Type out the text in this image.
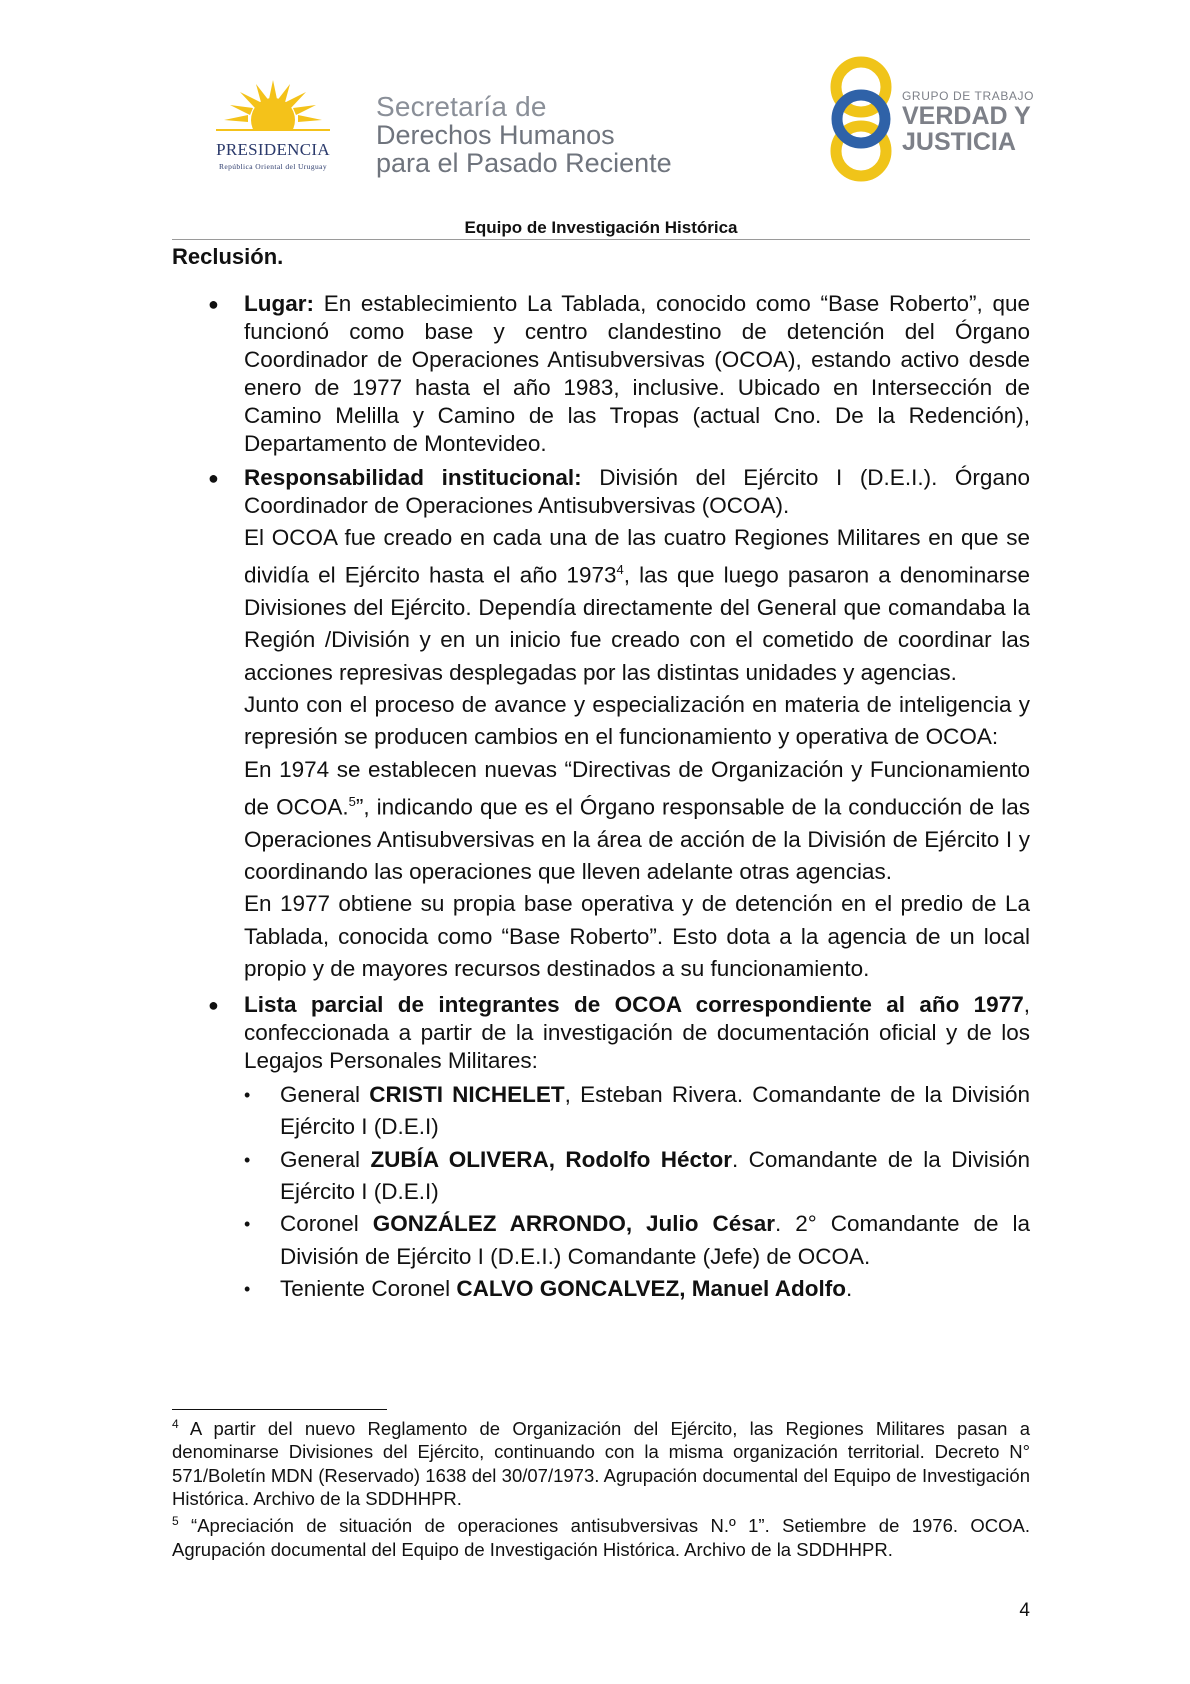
PRESIDENCIA
República Oriental del Uruguay
Secretaría de
Derechos Humanos
para el Pasado Reciente
GRUPO DE TRABAJO
VERDAD Y
JUSTICIA
Equipo de Investigación Histórica
Reclusión.
● Lugar: En establecimiento La Tablada, conocido como “Base Roberto”, que funcionó como base y centro clandestino de detención del Órgano Coordinador de Operaciones Antisubversivas (OCOA), estando activo desde enero de 1977 hasta el año 1983, inclusive. Ubicado en Intersección de Camino Melilla y Camino de las Tropas (actual Cno. De la Redención), Departamento de Montevideo.

● Responsabilidad institucional: División del Ejército I (D.E.I.). Órgano Coordinador de Operaciones Antisubversivas (OCOA).

El OCOA fue creado en cada una de las cuatro Regiones Militares en que se dividía el Ejército hasta el año 1973$^4$, las que luego pasaron a denominarse Divisiones del Ejército. Dependía directamente del General que comandaba la Región /División y en un inicio fue creado con el cometido de coordinar las acciones represivas desplegadas por las distintas unidades y agencias.

Junto con el proceso de avance y especialización en materia de inteligencia y represión se producen cambios en el funcionamiento y operativa de OCOA:

En 1974 se establecen nuevas “Directivas de Organización y Funcionamiento de OCOA.$^5$”, indicando que es el Órgano responsable de la conducción de las Operaciones Antisubversivas en la área de acción de la División de Ejército I y coordinando las operaciones que lleven adelante otras agencias.

En 1977 obtiene su propia base operativa y de detención en el predio de La Tablada, conocida como “Base Roberto”. Esto dota a la agencia de un local propio y de mayores recursos destinados a su funcionamiento.

● Lista parcial de integrantes de OCOA correspondiente al año 1977, confeccionada a partir de la investigación de documentación oficial y de los Legajos Personales Militares:

• General CRISTI NICHELET, Esteban Rivera. Comandante de la División Ejército I (D.E.I)

• General ZUBÍA OLIVERA, Rodolfo Héctor. Comandante de la División Ejército I (D.E.I)

• Coronel GONZÁLEZ ARRONDO, Julio César. 2° Comandante de la División de Ejército I (D.E.I.) Comandante (Jefe) de OCOA.

• Teniente Coronel CALVO GONCALVEZ, Manuel Adolfo.

$^4$ A partir del nuevo Reglamento de Organización del Ejército, las Regiones Militares pasan a denominarse Divisiones del Ejército, continuando con la misma organización territorial. Decreto N° 571/Boletín MDN (Reservado) 1638 del 30/07/1973. Agrupación documental del Equipo de Investigación Histórica. Archivo de la SDDHHPR.

$^5$ “Apreciación de situación de operaciones antisubversivas N.º 1”. Setiembre de 1976. OCOA. Agrupación documental del Equipo de Investigación Histórica. Archivo de la SDDHHPR.

4
